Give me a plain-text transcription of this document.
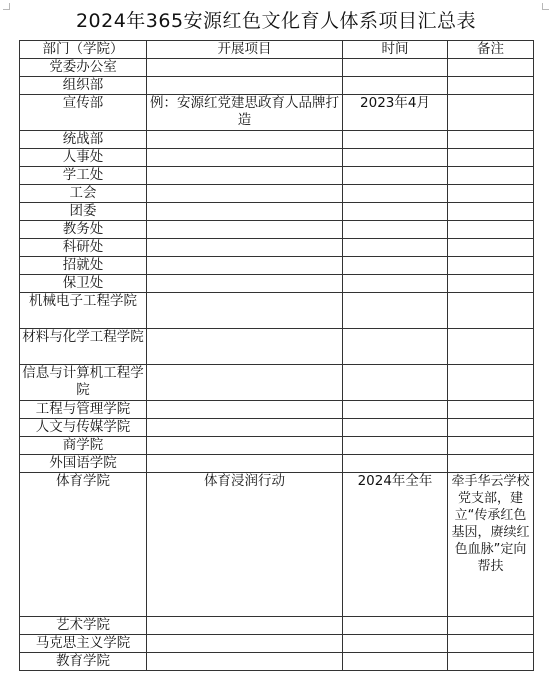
2024年365安源红色文化育人体系项目汇总表
部门（学院）	开展项目	时间	备注
党委办公室			
组织部			
宣传部	例：安源红党建思政育人品牌打造	2023年4月	
统战部			
人事处			
学工处			
工会			
团委			
教务处			
科研处			
招就处			
保卫处			
机械电子工程学院			
材料与化学工程学院			
信息与计算机工程学院			
工程与管理学院			
人文与传媒学院			
商学院			
外国语学院			
体育学院	体育浸润行动	2024年全年	牵手华云学校党支部，建立“传承红色基因，赓续红色血脉”定向帮扶
艺术学院			
马克思主义学院			
教育学院			
